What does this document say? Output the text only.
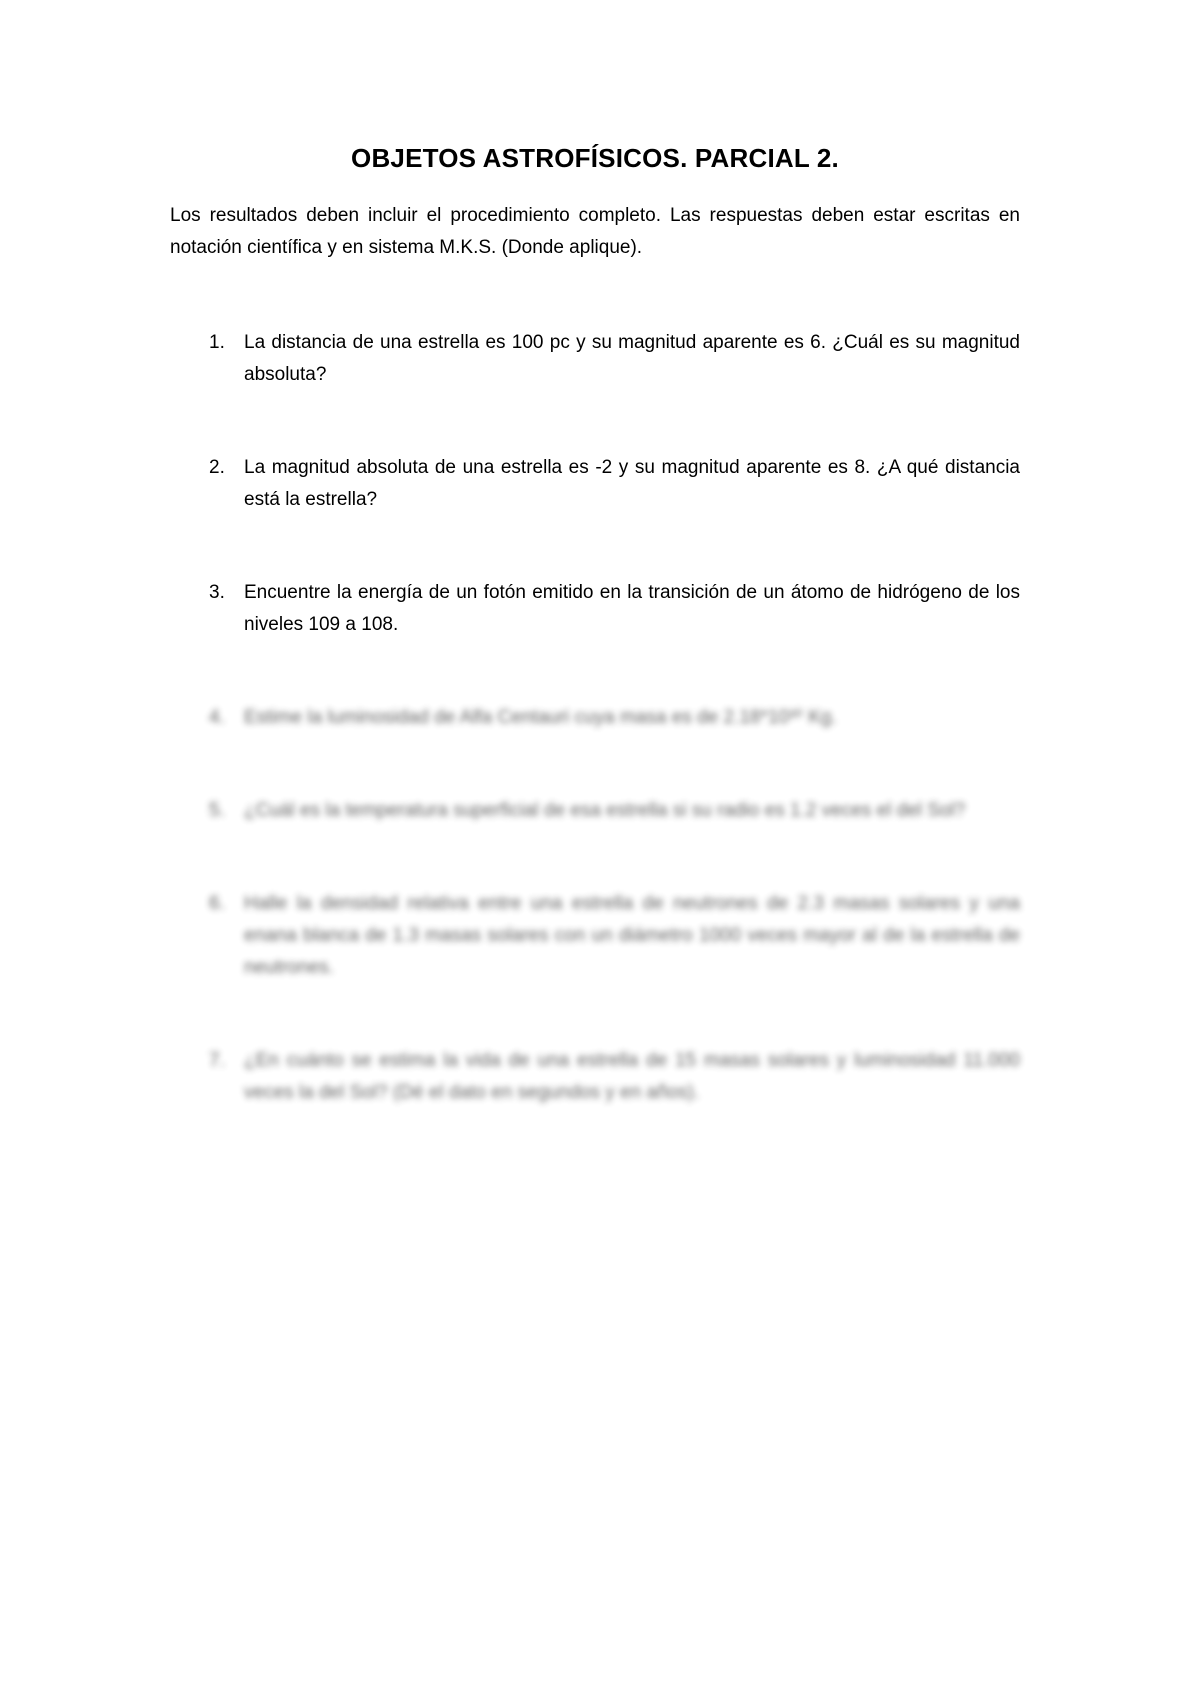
OBJETOS ASTROFÍSICOS. PARCIAL 2.

Los resultados deben incluir el procedimiento completo. Las respuestas deben estar escritas en notación científica y en sistema M.K.S. (Donde aplique).

1. La distancia de una estrella es 100 pc y su magnitud aparente es 6. ¿Cuál es su magnitud absoluta?
2. La magnitud absoluta de una estrella es -2 y su magnitud aparente es 8. ¿A qué distancia está la estrella?
3. Encuentre la energía de un fotón emitido en la transición de un átomo de hidrógeno de los niveles 109 a 108.
4. Estime la luminosidad de Alfa Centauri cuya masa es de 2.18*10³⁰ Kg.
5. ¿Cuál es la temperatura superficial de esa estrella si su radio es 1.2 veces el del Sol?
6. Halle la densidad relativa entre una estrella de neutrones de 2.3 masas solares y una enana blanca de 1.3 masas solares con un diámetro 1000 veces mayor al de la estrella de neutrones.
7. ¿En cuánto se estima la vida de una estrella de 15 masas solares y luminosidad 11.000 veces la del Sol? (Dé el dato en segundos y en años).
